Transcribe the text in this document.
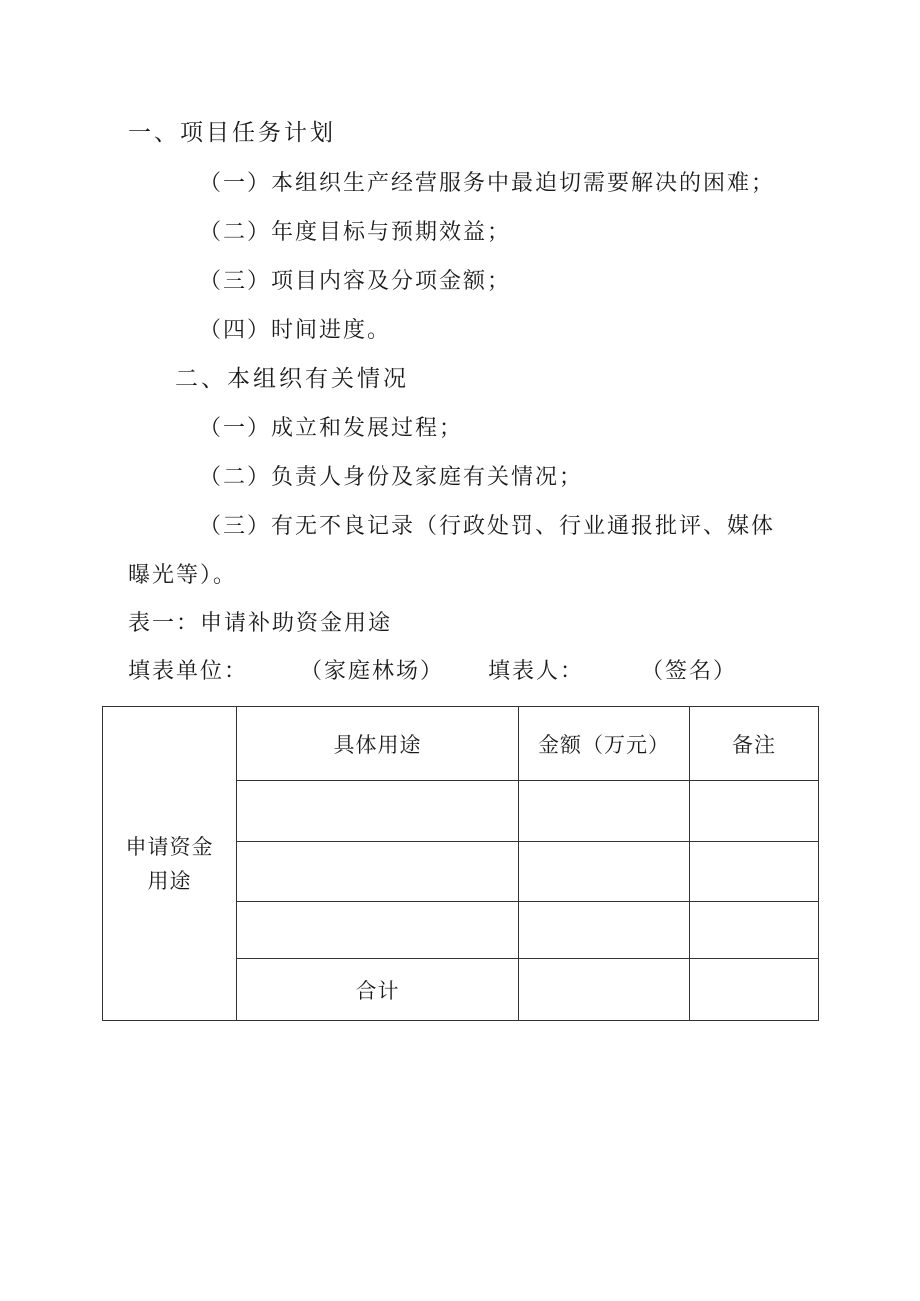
一、项目任务计划
（一）本组织生产经营服务中最迫切需要解决的困难；
（二）年度目标与预期效益；
（三）项目内容及分项金额；
（四）时间进度。
二、本组织有关情况
（一）成立和发展过程；
（二）负责人身份及家庭有关情况；
（三）有无不良记录（行政处罚、行业通报批评、媒体
曝光等）。
表一：申请补助资金用途
填表单位： （家庭林场） 填表人：	（签名）
申请资金用途	具体用途	金额（万元）	备注

	合计		
